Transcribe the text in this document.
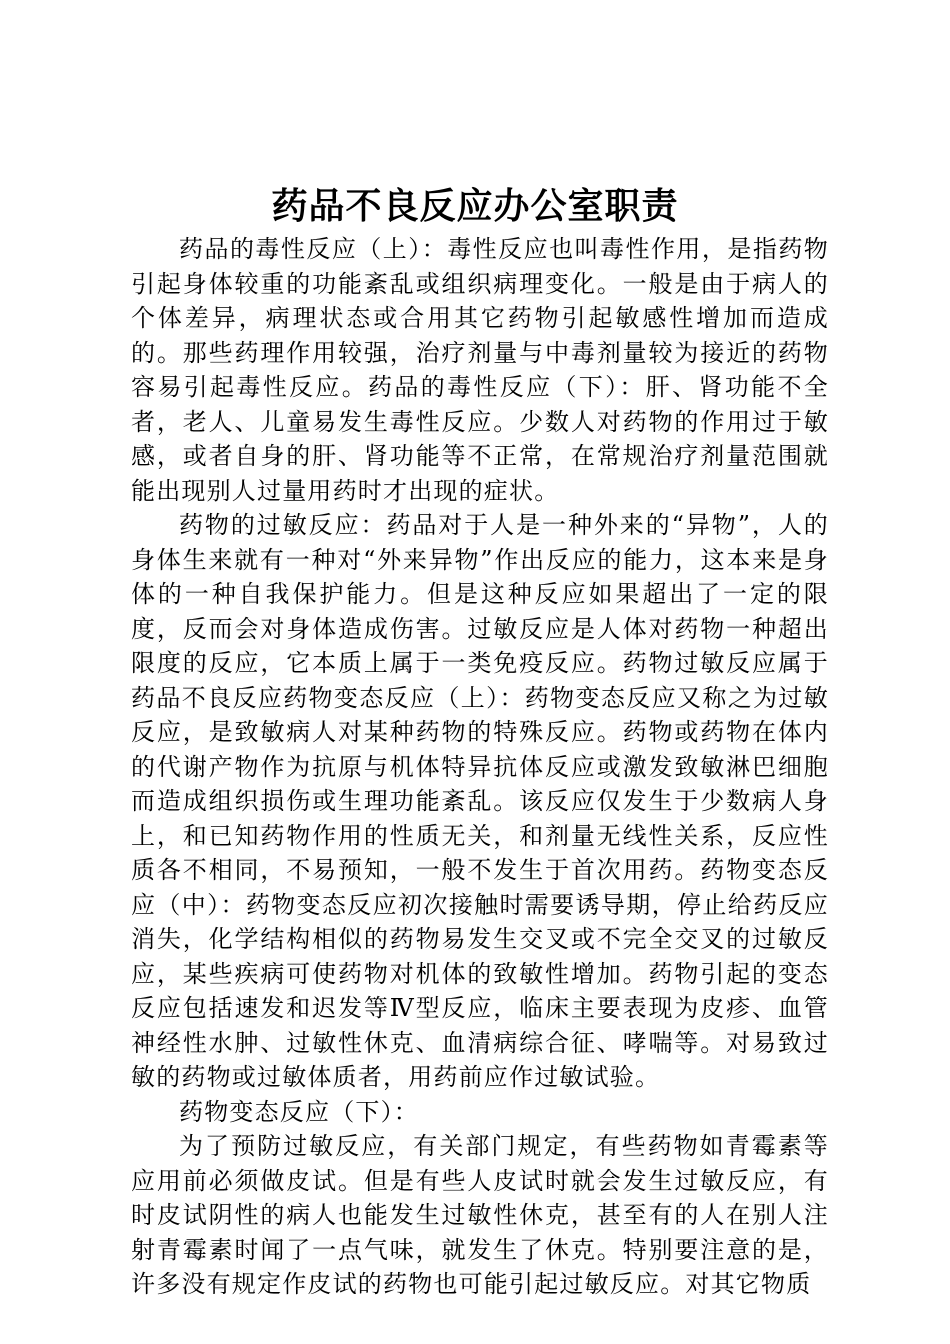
药品不良反应办公室职责

药品的毒性反应（上）：毒性反应也叫毒性作用，是指药物引起身体较重的功能紊乱或组织病理变化。一般是由于病人的个体差异，病理状态或合用其它药物引起敏感性增加而造成的。那些药理作用较强，治疗剂量与中毒剂量较为接近的药物容易引起毒性反应。药品的毒性反应（下）：肝、肾功能不全者，老人、儿童易发生毒性反应。少数人对药物的作用过于敏感，或者自身的肝、肾功能等不正常，在常规治疗剂量范围就能出现别人过量用药时才出现的症状。

药物的过敏反应：药品对于人是一种外来的“异物”，人的身体生来就有一种对“外来异物”作出反应的能力，这本来是身体的一种自我保护能力。但是这种反应如果超出了一定的限度，反而会对身体造成伤害。过敏反应是人体对药物一种超出限度的反应，它本质上属于一类免疫反应。药物过敏反应属于药品不良反应药物变态反应（上）：药物变态反应又称之为过敏反应，是致敏病人对某种药物的特殊反应。药物或药物在体内的代谢产物作为抗原与机体特异抗体反应或激发致敏淋巴细胞而造成组织损伤或生理功能紊乱。该反应仅发生于少数病人身上，和已知药物作用的性质无关，和剂量无线性关系，反应性质各不相同，不易预知，一般不发生于首次用药。药物变态反应（中）：药物变态反应初次接触时需要诱导期，停止给药反应消失，化学结构相似的药物易发生交叉或不完全交叉的过敏反应，某些疾病可使药物对机体的致敏性增加。药物引起的变态反应包括速发和迟发等Ⅳ型反应，临床主要表现为皮疹、血管神经性水肿、过敏性休克、血清病综合征、哮喘等。对易致过敏的药物或过敏体质者，用药前应作过敏试验。

药物变态反应（下）：

为了预防过敏反应，有关部门规定，有些药物如青霉素等应用前必须做皮试。但是有些人皮试时就会发生过敏反应，有时皮试阴性的病人也能发生过敏性休克，甚至有的人在别人注射青霉素时闻了一点气味，就发生了休克。特别要注意的是，许多没有规定作皮试的药物也可能引起过敏反应。对其它物质
